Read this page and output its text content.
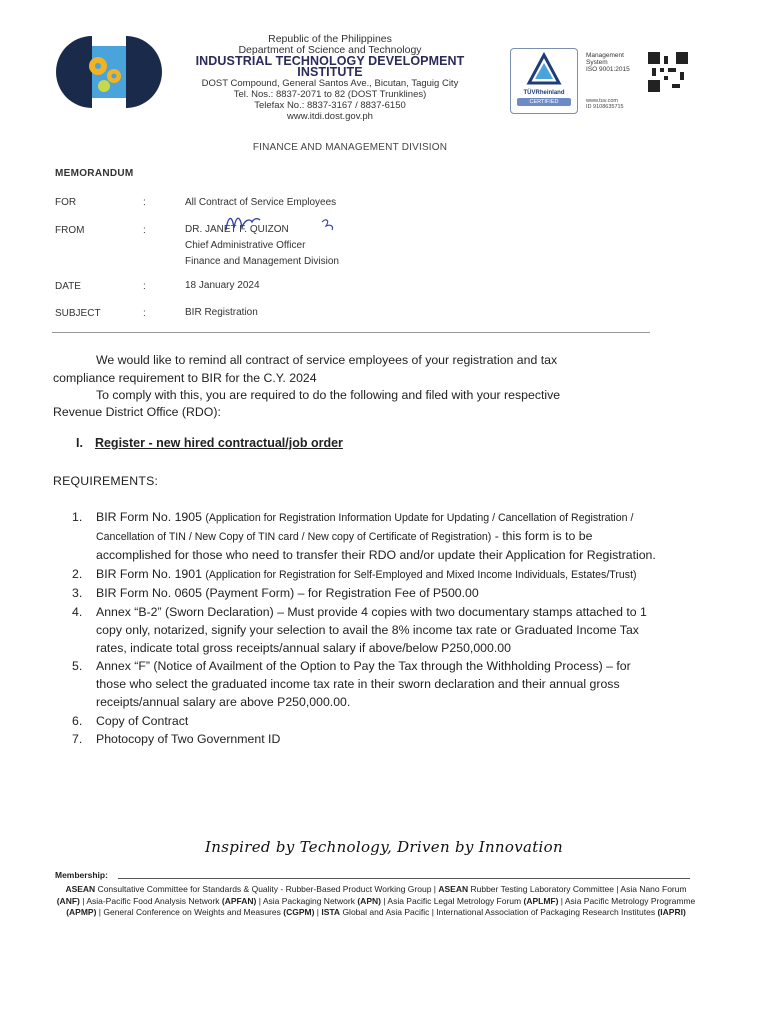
Republic of the Philippines
Department of Science and Technology
INDUSTRIAL TECHNOLOGY DEVELOPMENT INSTITUTE
DOST Compound, General Santos Ave., Bicutan, Taguig City
Tel. Nos.: 8837-2071 to 82 (DOST Trunklines)
Telefax No.: 8837-3167 / 8837-6150
www.itdi.dost.gov.ph
TÜVRheinland
CERTIFIED
Management
System
ISO 9001:2015
www.tuv.com
ID 9108635715
FINANCE AND MANAGEMENT DIVISION
MEMORANDUM
FOR	:	All Contract of Service Employees
FROM	:	DR. JANET F. QUIZON
Chief Administrative Officer
Finance and Management Division
DATE	:	18 January 2024
SUBJECT	:	BIR Registration
We would like to remind all contract of service employees of your registration and tax
compliance requirement to BIR for the C.Y. 2024
To comply with this, you are required to do the following and filed with your respective
Revenue District Office (RDO):
I. Register - new hired contractual/job order
REQUIREMENTS:
1. BIR Form No. 1905 (Application for Registration Information Update for Updating / Cancellation of Registration / Cancellation of TIN / New Copy of TIN card / New copy of Certificate of Registration) - this form is to be accomplished for those who need to transfer their RDO and/or update their Application for Registration.
2. BIR Form No. 1901 (Application for Registration for Self-Employed and Mixed Income Individuals, Estates/Trust)
3. BIR Form No. 0605 (Payment Form) – for Registration Fee of P500.00
4. Annex “B-2” (Sworn Declaration) – Must provide 4 copies with two documentary stamps attached to 1 copy only, notarized, signify your selection to avail the 8% income tax rate or Graduated Income Tax rates, indicate total gross receipts/annual salary if above/below P250,000.00
5. Annex “F” (Notice of Availment of the Option to Pay the Tax through the Withholding Process) – for those who select the graduated income tax rate in their sworn declaration and their annual gross receipts/annual salary are above P250,000.00.
6. Copy of Contract
7. Photocopy of Two Government ID
Inspired by Technology, Driven by Innovation
Membership:
ASEAN Consultative Committee for Standards & Quality - Rubber-Based Product Working Group | ASEAN Rubber Testing Laboratory Committee | Asia Nano Forum (ANF) | Asia-Pacific Food Analysis Network (APFAN) | Asia Packaging Network (APN) | Asia Pacific Legal Metrology Forum (APLMF) | Asia Pacific Metrology Programme (APMP) | General Conference on Weights and Measures (CGPM) | ISTA Global and Asia Pacific | International Association of Packaging Research Institutes (IAPRI)
